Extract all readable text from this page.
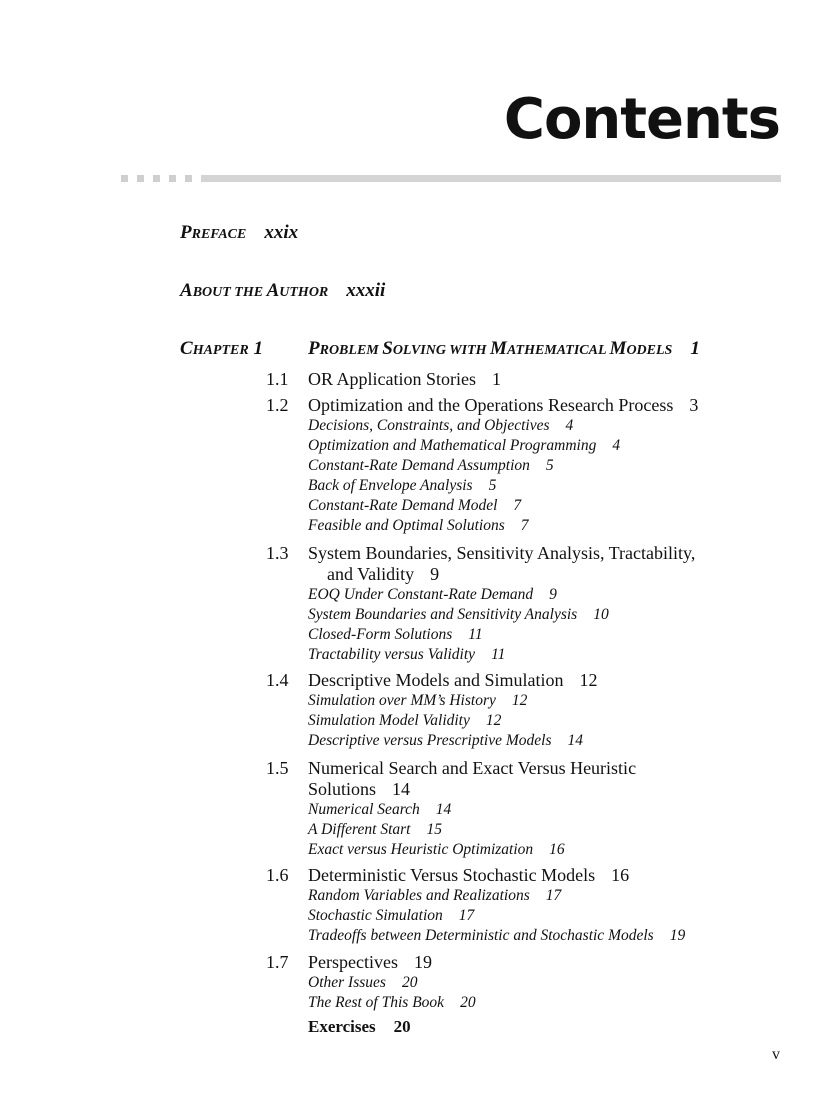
Contents
PREFACE xxix
ABOUT THE AUTHOR xxxii
CHAPTER 1 PROBLEM SOLVING WITH MATHEMATICAL MODELS 1
1.1 OR Application Stories 1
1.2 Optimization and the Operations Research Process 3
Decisions, Constraints, and Objectives 4
Optimization and Mathematical Programming 4
Constant-Rate Demand Assumption 5
Back of Envelope Analysis 5
Constant-Rate Demand Model 7
Feasible and Optimal Solutions 7
1.3 System Boundaries, Sensitivity Analysis, Tractability,
and Validity 9
EOQ Under Constant-Rate Demand 9
System Boundaries and Sensitivity Analysis 10
Closed-Form Solutions 11
Tractability versus Validity 11
1.4 Descriptive Models and Simulation 12
Simulation over MM’s History 12
Simulation Model Validity 12
Descriptive versus Prescriptive Models 14
1.5 Numerical Search and Exact Versus Heuristic
Solutions 14
Numerical Search 14
A Different Start 15
Exact versus Heuristic Optimization 16
1.6 Deterministic Versus Stochastic Models 16
Random Variables and Realizations 17
Stochastic Simulation 17
Tradeoffs between Deterministic and Stochastic Models 19
1.7 Perspectives 19
Other Issues 20
The Rest of This Book 20
Exercises 20
v
